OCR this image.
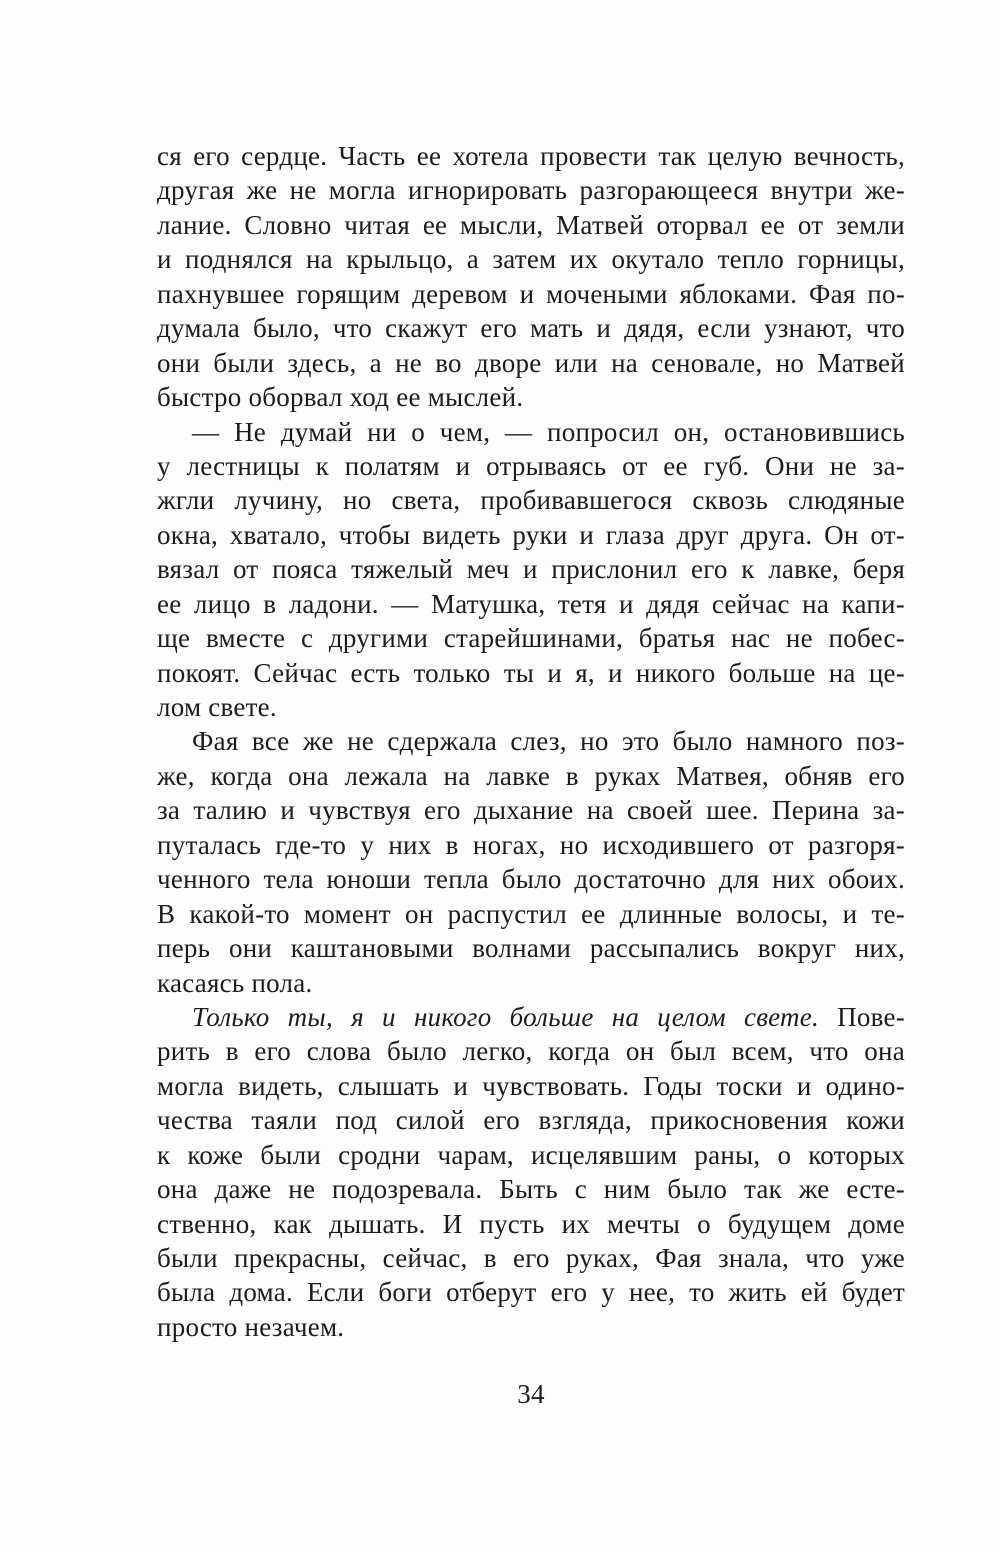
ся его сердце. Часть ее хотела провести так целую вечность,
другая же не могла игнорировать разгорающееся внутри же-
лание. Словно читая ее мысли, Матвей оторвал ее от земли
и поднялся на крыльцо, а затем их окутало тепло горницы,
пахнувшее горящим деревом и мочеными яблоками. Фая по-
думала было, что скажут его мать и дядя, если узнают, что
они были здесь, а не во дворе или на сеновале, но Матвей
быстро оборвал ход ее мыслей.
— Не думай ни о чем, — попросил он, остановившись
у лестницы к полатям и отрываясь от ее губ. Они не за-
жгли лучину, но света, пробивавшегося сквозь слюдяные
окна, хватало, чтобы видеть руки и глаза друг друга. Он от-
вязал от пояса тяжелый меч и прислонил его к лавке, беря
ее лицо в ладони. — Матушка, тетя и дядя сейчас на капи-
ще вместе с другими старейшинами, братья нас не побес-
покоят. Сейчас есть только ты и я, и никого больше на це-
лом свете.
Фая все же не сдержала слез, но это было намного поз-
же, когда она лежала на лавке в руках Матвея, обняв его
за талию и чувствуя его дыхание на своей шее. Перина за-
путалась где-то у них в ногах, но исходившего от разгоря-
ченного тела юноши тепла было достаточно для них обоих.
В какой-то момент он распустил ее длинные волосы, и те-
перь они каштановыми волнами рассыпались вокруг них,
касаясь пола.
Только ты, я и никого больше на целом свете. Пове-
рить в его слова было легко, когда он был всем, что она
могла видеть, слышать и чувствовать. Годы тоски и одино-
чества таяли под силой его взгляда, прикосновения кожи
к коже были сродни чарам, исцелявшим раны, о которых
она даже не подозревала. Быть с ним было так же есте-
ственно, как дышать. И пусть их мечты о будущем доме
были прекрасны, сейчас, в его руках, Фая знала, что уже
была дома. Если боги отберут его у нее, то жить ей будет
просто незачем.
34
